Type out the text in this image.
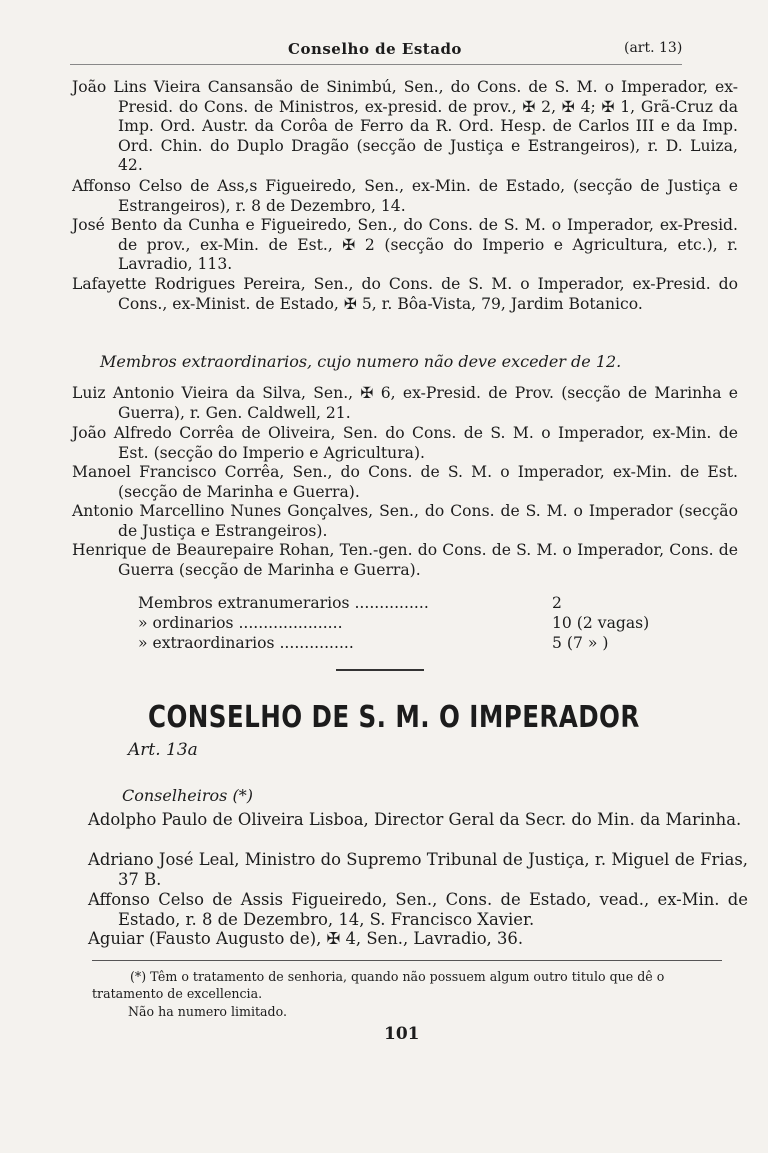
Conselho de Estado	(art. 13)

João Lins Vieira Cansansão de Sinimbú, Sen., do Cons. de S. M. o Imperador, ex-Presid. do Cons. de Ministros, ex-presid. de prov., ✠ 2, ✠ 4; ✠ 1, Grã-Cruz da Imp. Ord. Austr. da Corôa de Ferro da R. Ord. Hesp. de Carlos III e da Imp. Ord. Chin. do Duplo Dragão (secção de Justiça e Estrangeiros), r. D. Luiza, 42.

Affonso Celso de Ass,s Figueiredo, Sen., ex-Min. de Estado, (secção de Justiça e Estrangeiros), r. 8 de Dezembro, 14.

José Bento da Cunha e Figueiredo, Sen., do Cons. de S. M. o Imperador, ex-Presid. de prov., ex-Min. de Est., ✠ 2 (secção do Imperio e Agricultura, etc.), r. Lavradio, 113.

Lafayette Rodrigues Pereira, Sen., do Cons. de S. M. o Imperador, ex-Presid. do Cons., ex-Minist. de Estado, ✠ 5, r. Bôa-Vista, 79, Jardim Botanico.

Membros extraordinarios, cujo numero não deve exceder de 12.

Luiz Antonio Vieira da Silva, Sen., ✠ 6, ex-Presid. de Prov. (secção de Marinha e Guerra), r. Gen. Caldwell, 21.

João Alfredo Corrêa de Oliveira, Sen. do Cons. de S. M. o Imperador, ex-Min. de Est. (secção do Imperio e Agricultura).

Manoel Francisco Corrêa, Sen., do Cons. de S. M. o Imperador, ex-Min. de Est. (secção de Marinha e Guerra).

Antonio Marcellino Nunes Gonçalves, Sen., do Cons. de S. M. o Imperador (secção de Justiça e Estrangeiros).

Henrique de Beaurepaire Rohan, Ten.-gen. do Cons. de S. M. o Imperador, Cons. de Guerra (secção de Marinha e Guerra).

Membros extranumerarios ...............	2
» ordinarios .....................	10 (2 vagas)
» extraordinarios ...............	5 (7 » )
CONSELHO DE S. M. O IMPERADOR
Art. 13a
Conselheiros (*)

Adolpho Paulo de Oliveira Lisboa, Director Geral da Secr. do Min. da Marinha.

Adriano José Leal, Ministro do Supremo Tribunal de Justiça, r. Miguel de Frias, 37 B.

Affonso Celso de Assis Figueiredo, Sen., Cons. de Estado, vead., ex-Min. de Estado, r. 8 de Dezembro, 14, S. Francisco Xavier.

Aguiar (Fausto Augusto de), ✠ 4, Sen., Lavradio, 36.

(*) Têm o tratamento de senhoria, quando não possuem algum outro titulo que dê o tratamento de excellencia.
Não ha numero limitado.
101
